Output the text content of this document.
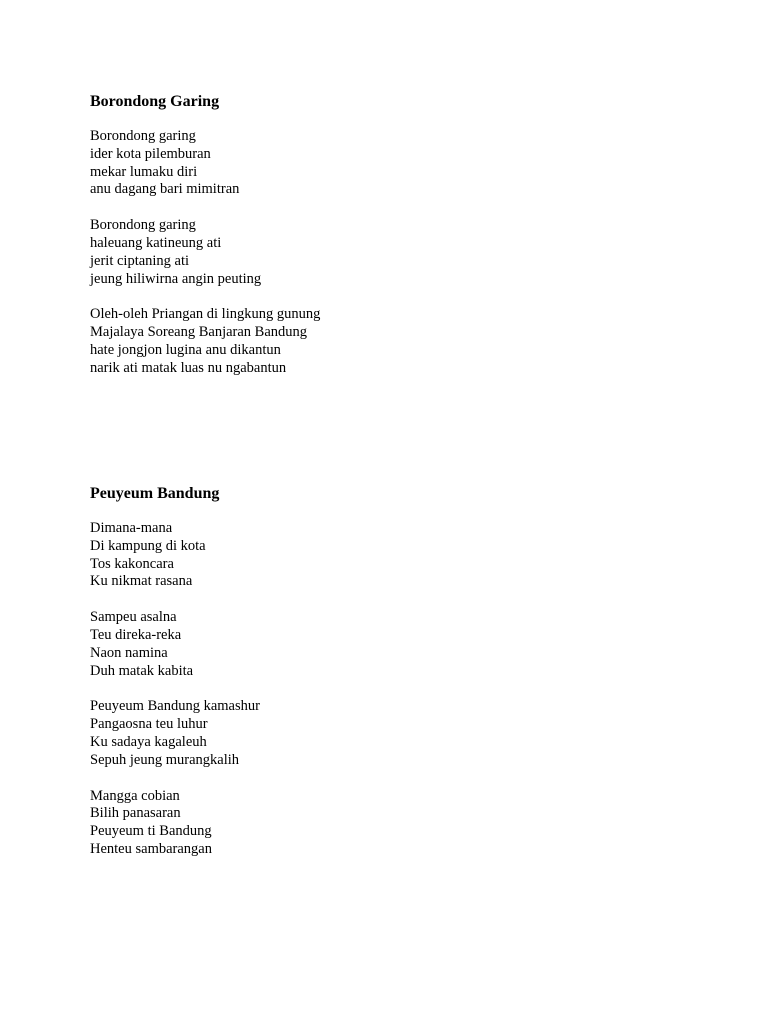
Borondong Garing
Borondong garing
ider kota pilemburan
mekar lumaku diri
anu dagang bari mimitran
Borondong garing
haleuang katineung ati
jerit ciptaning ati
jeung hiliwirna angin peuting
Oleh-oleh Priangan di lingkung gunung
Majalaya Soreang Banjaran Bandung
hate jongjon lugina anu dikantun
narik ati matak luas nu ngabantun
Peuyeum Bandung
Dimana-mana
Di kampung di kota
Tos kakoncara
Ku nikmat rasana
Sampeu asalna
Teu direka-reka
Naon namina
Duh matak kabita
Peuyeum Bandung kamashur
Pangaosna teu luhur
Ku sadaya kagaleuh
Sepuh jeung murangkalih
Mangga cobian
Bilih panasaran
Peuyeum ti Bandung
Henteu sambarangan
